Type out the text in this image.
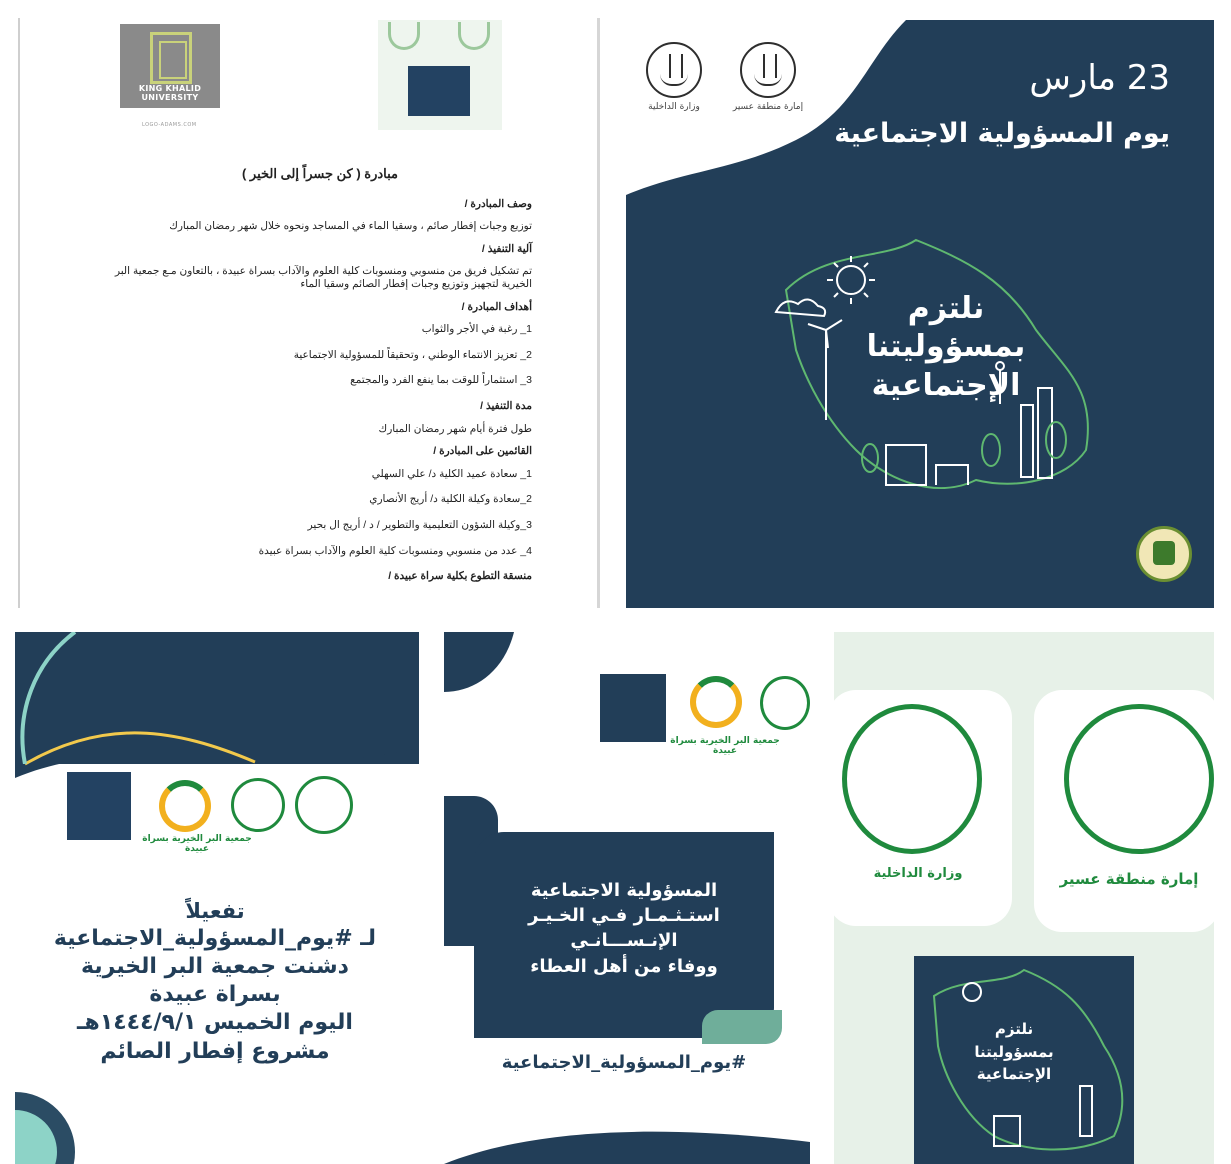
KING KHALID UNIVERSITY
LOGO-ADAMS.COM
مبادرة ( كن جسراً إلى الخير )
وصف المبادرة /
توزيع وجبات إفطار صائم ، وسقيا الماء في المساجد ونحوه خلال شهر رمضان المبارك
آلية التنفيذ /
تم تشكيل فريق من منسوبي ومنسوبات كلية العلوم والآداب بسراة عبيدة ، بالتعاون مـع جمعية البر الخيرية لتجهيز وتوزيع وجبات إفطار الصائم وسقيا الماء
أهداف المبادرة /
1_ رغبة في الأجر والثواب
2_ تعزيز الانتماء الوطني ، وتحقيقاً للمسؤولية الاجتماعية
3_ استثماراً للوقت بما ينفع الفرد والمجتمع
مدة التنفيذ /
طول فترة أيام شهر رمضان المبارك
القائمين على المبادرة /
1_ سعادة عميد الكلية د/ علي السهلي
2_سعادة وكيلة الكلية د/ أريج الأنصاري
3_وكيلة الشؤون التعليمية والتطوير / د / أريج ال بحير
4_ عدد من منسوبي ومنسوبات كلية العلوم والآداب بسراة عبيدة
منسقة التطوع بكلية سراة عبيدة /
وزارة الداخلية	إمارة منطقة عسير
23 مارس
يوم المسؤولية الاجتماعية
نلتزم
بمسؤوليتنا
الإجتماعية
جمعية البر الخيرية بسراة عبيدة
تفعيلاً
لـ #يوم_المسؤولية_الاجتماعية
دشنت جمعية البر الخيرية بسراة عبيدة
اليوم الخميس ١٤٤٤/٩/١هـ
مشروع إفطار الصائم
جمعية البر الخيرية بسراة عبيدة
المسؤولية الاجتماعية
استـثـمـار فـي الخـيـر
الإنـســـانـي
ووفاء من أهل العطاء
#يوم_المسؤولية_الاجتماعية
وزارة الداخلية	إمارة منطقة عسير
نلتزم
بمسؤوليتنا
الإجتماعية
